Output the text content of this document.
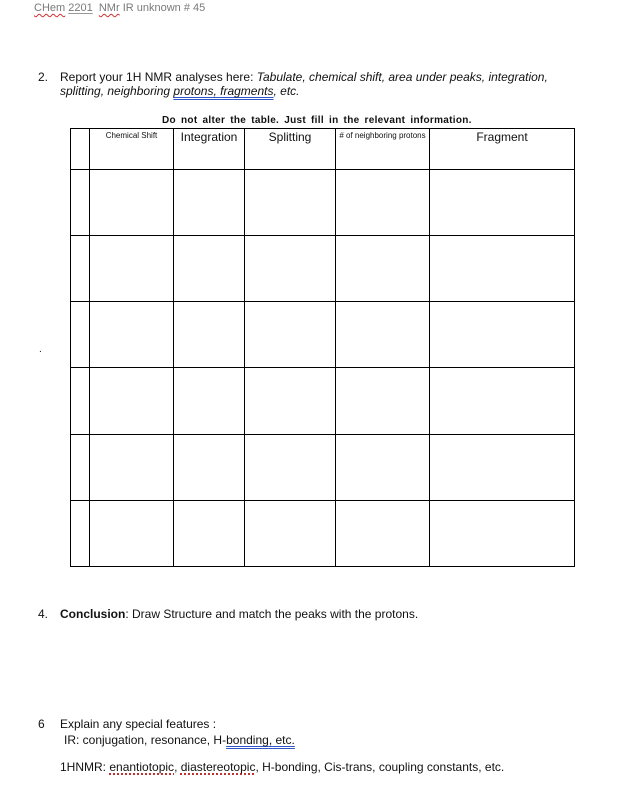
CHem 2201 NMr IR unknown # 45
2. Report your 1H NMR analyses here: Tabulate, chemical shift, area under peaks, integration, splitting, neighboring protons, fragments, etc.
Do not alter the table. Just fill in the relevant information.

	Chemical Shift	Integration	Splitting	# of neighboring protons	Fragment

.
4. Conclusion: Draw Structure and match the peaks with the protons.
6 Explain any special features :
IR: conjugation, resonance, H-bonding, etc.
1HNMR: enantiotopic, diastereotopic, H-bonding, Cis-trans, coupling constants, etc.
